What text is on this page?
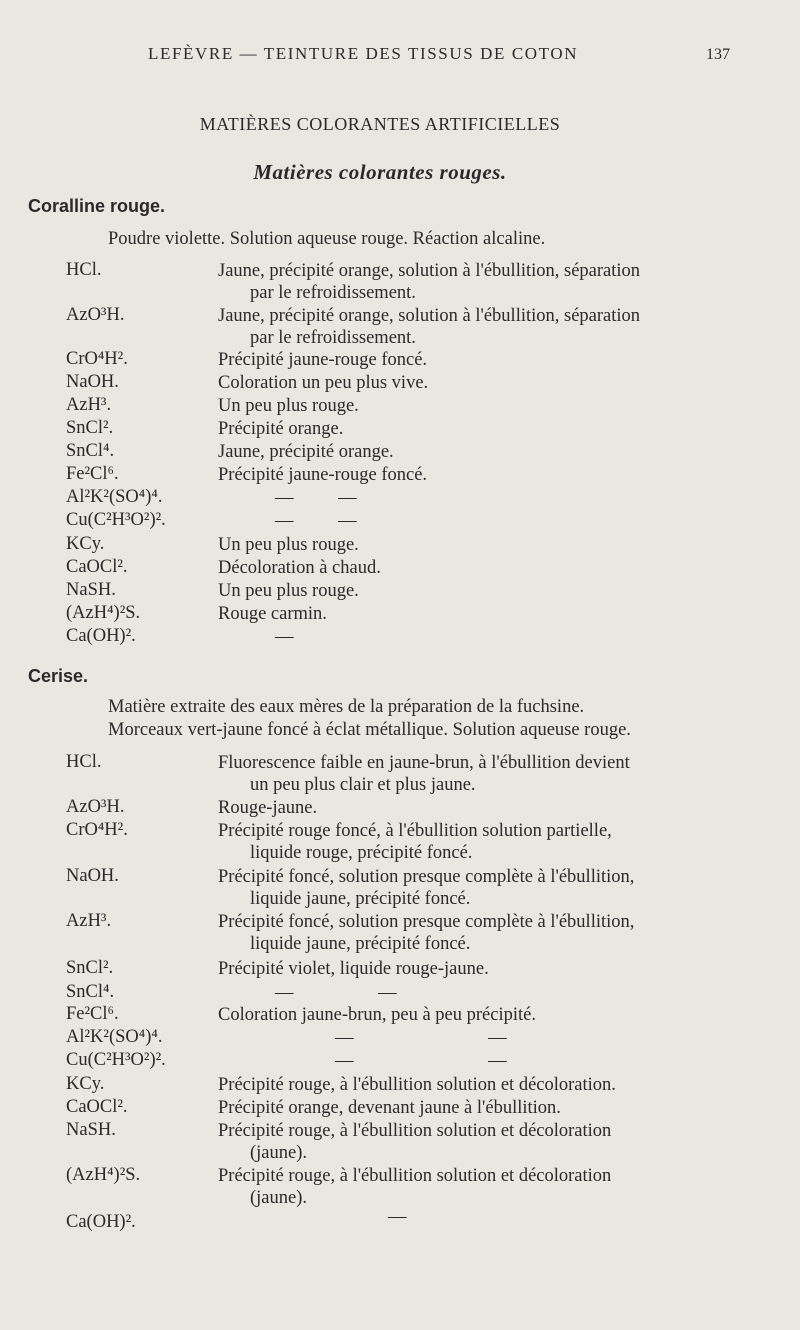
LEFÈVRE — TEINTURE DES TISSUS DE COTON	137
MATIÈRES COLORANTES ARTIFICIELLES
Matières colorantes rouges.
Coralline rouge.
Poudre violette. Solution aqueuse rouge. Réaction alcaline.
HCl.	Jaune, précipité orange, solution à l'ébullition, séparation
par le refroidissement.
AzO³H.	Jaune, précipité orange, solution à l'ébullition, séparation
par le refroidissement.
CrO⁴H².	Précipité jaune-rouge foncé.
NaOH.	Coloration un peu plus vive.
AzH³.	Un peu plus rouge.
SnCl².	Précipité orange.
SnCl⁴.	Jaune, précipité orange.
Fe²Cl⁶.	Précipité jaune-rouge foncé.
Al²K²(SO⁴)⁴.	— —
Cu(C²H³O²)².	— —
KCy.	Un peu plus rouge.
CaOCl².	Décoloration à chaud.
NaSH.	Un peu plus rouge.
(AzH⁴)²S.	Rouge carmin.
Ca(OH)².	—
Cerise.
Matière extraite des eaux mères de la préparation de la fuchsine.
Morceaux vert-jaune foncé à éclat métallique. Solution aqueuse rouge.
HCl.	Fluorescence faible en jaune-brun, à l'ébullition devient
un peu plus clair et plus jaune.
AzO³H.	Rouge-jaune.
CrO⁴H².	Précipité rouge foncé, à l'ébullition solution partielle,
liquide rouge, précipité foncé.
NaOH.	Précipité foncé, solution presque complète à l'ébullition,
liquide jaune, précipité foncé.
AzH³.	Précipité foncé, solution presque complète à l'ébullition,
liquide jaune, précipité foncé.
SnCl².	Précipité violet, liquide rouge-jaune.
SnCl⁴.	— —
Fe²Cl⁶.	Coloration jaune-brun, peu à peu précipité.
Al²K²(SO⁴)⁴.	— —
Cu(C²H³O²)².	— —
KCy.	Précipité rouge, à l'ébullition solution et décoloration.
CaOCl².	Précipité orange, devenant jaune à l'ébullition.
NaSH.	Précipité rouge, à l'ébullition solution et décoloration
(jaune).
(AzH⁴)²S.	Précipité rouge, à l'ébullition solution et décoloration
(jaune).
Ca(OH)².	—
